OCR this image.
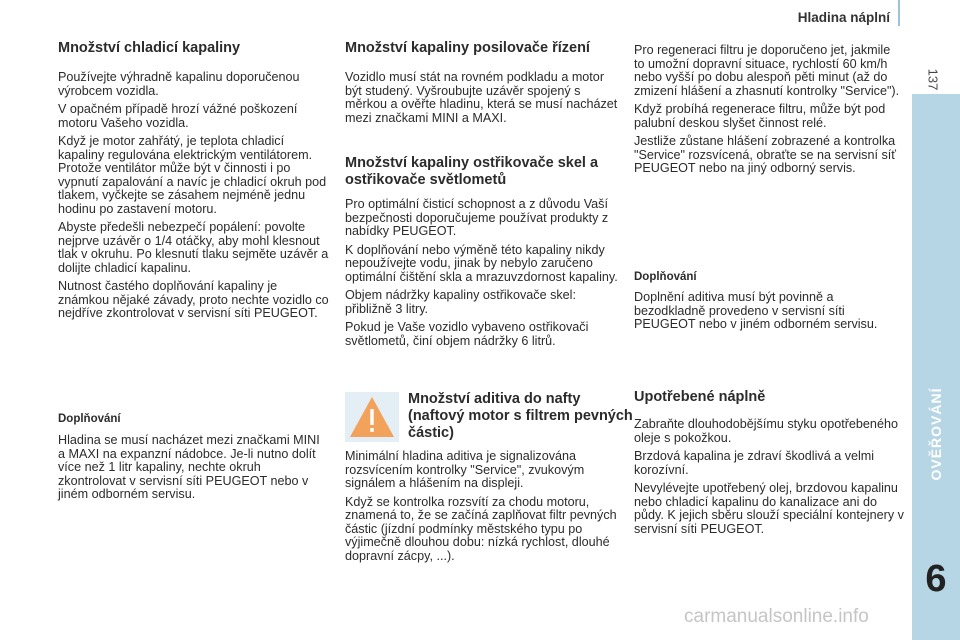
Hladina náplní
137
OVĚŘOVÁNÍ
6
Množství chladicí kapaliny

Používejte výhradně kapalinu doporučenou výrobcem vozidla.

V opačném případě hrozí vážné poškození motoru Vašeho vozidla.

Když je motor zahřátý, je teplota chladicí kapaliny regulována elektrickým ventilátorem. Protože ventilátor může být v činnosti i po vypnutí zapalování a navíc je chladicí okruh pod tlakem, vyčkejte se zásahem nejméně jednu hodinu po zastavení motoru.

Abyste předešli nebezpečí popálení: povolte nejprve uzávěr o 1/4 otáčky, aby mohl klesnout tlak v okruhu. Po klesnutí tlaku sejměte uzávěr a dolijte chladicí kapalinu.

Nutnost častého doplňování kapaliny je známkou nějaké závady, proto nechte vozidlo co nejdříve zkontrolovat v servisní síti PEUGEOT.

Doplňování

Hladina se musí nacházet mezi značkami MINI a MAXI na expanzní nádobce. Je-li nutno dolít více než 1 litr kapaliny, nechte okruh zkontrolovat v servisní síti PEUGEOT nebo v jiném odborném servisu.

Množství kapaliny posilovače řízení

Vozidlo musí stát na rovném podkladu a motor být studený. Vyšroubujte uzávěr spojený s měrkou a ověřte hladinu, která se musí nacházet mezi značkami MINI a MAXI.

Množství kapaliny ostřikovače skel a ostřikovače světlometů

Pro optimální čisticí schopnost a z důvodu Vaší bezpečnosti doporučujeme používat produkty z nabídky PEUGEOT.

K doplňování nebo výměně této kapaliny nikdy nepoužívejte vodu, jinak by nebylo zaručeno optimální čištění skla a mrazuvzdornost kapaliny.

Objem nádržky kapaliny ostřikovače skel: přibližně 3 litry.

Pokud je Vaše vozidlo vybaveno ostřikovači světlometů, činí objem nádržky 6 litrů.

Množství aditiva do nafty (naftový motor s filtrem pevných částic)

Minimální hladina aditiva je signalizována rozsvícením kontrolky "Service", zvukovým signálem a hlášením na displeji.

Když se kontrolka rozsvítí za chodu motoru, znamená to, že se začíná zaplňovat filtr pevných částic (jízdní podmínky městského typu po výjimečně dlouhou dobu: nízká rychlost, dlouhé dopravní zácpy, ...).

Pro regeneraci filtru je doporučeno jet, jakmile to umožní dopravní situace, rychlostí 60 km/h nebo vyšší po dobu alespoň pěti minut (až do zmizení hlášení a zhasnutí kontrolky "Service").

Když probíhá regenerace filtru, může být pod palubní deskou slyšet činnost relé.

Jestliže zůstane hlášení zobrazené a kontrolka "Service" rozsvícená, obraťte se na servisní síť PEUGEOT nebo na jiný odborný servis.

Doplňování

Doplnění aditiva musí být povinně a bezodkladně provedeno v servisní síti PEUGEOT nebo v jiném odborném servisu.

Upotřebené náplně

Zabraňte dlouhodobějšímu styku opotřebeného oleje s pokožkou.

Brzdová kapalina je zdraví škodlivá a velmi korozívní.

Nevylévejte upotřebený olej, brzdovou kapalinu nebo chladicí kapalinu do kanalizace ani do půdy. K jejich sběru slouží speciální kontejnery v servisní síti PEUGEOT.

carmanualsonline.info
